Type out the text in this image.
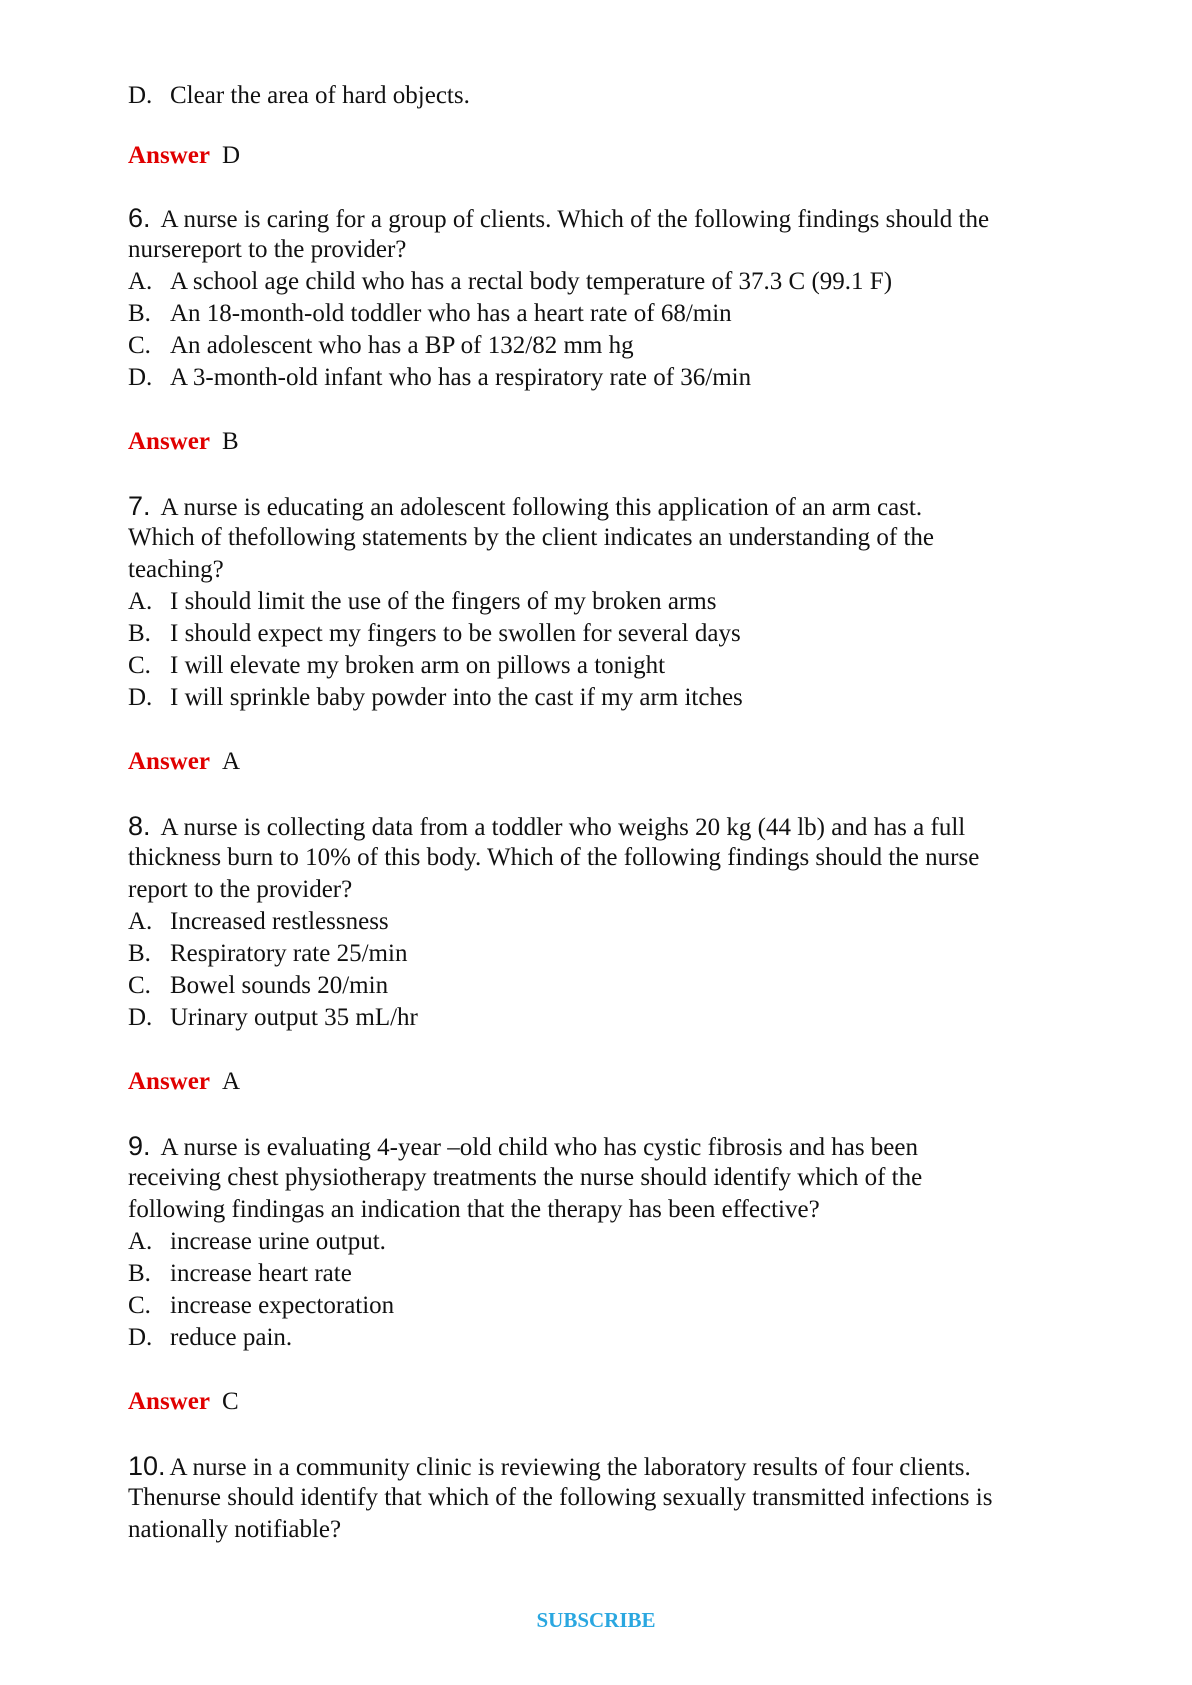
D. Clear the area of hard objects.
Answer D
6. A nurse is caring for a group of clients. Which of the following findings should the
nursereport to the provider?
A. A school age child who has a rectal body temperature of 37.3 C (99.1 F)
B. An 18-month-old toddler who has a heart rate of 68/min
C. An adolescent who has a BP of 132/82 mm hg
D. A 3-month-old infant who has a respiratory rate of 36/min
Answer B
7. A nurse is educating an adolescent following this application of an arm cast.
Which of thefollowing statements by the client indicates an understanding of the
teaching?
A. I should limit the use of the fingers of my broken arms
B. I should expect my fingers to be swollen for several days
C. I will elevate my broken arm on pillows a tonight
D. I will sprinkle baby powder into the cast if my arm itches
Answer A
8. A nurse is collecting data from a toddler who weighs 20 kg (44 lb) and has a full
thickness burn to 10% of this body. Which of the following findings should the nurse
report to the provider?
A. Increased restlessness
B. Respiratory rate 25/min
C. Bowel sounds 20/min
D. Urinary output 35 mL/hr
Answer A
9. A nurse is evaluating 4-year –old child who has cystic fibrosis and has been
receiving chest physiotherapy treatments the nurse should identify which of the
following findingas an indication that the therapy has been effective?
A. increase urine output.
B. increase heart rate
C. increase expectoration
D. reduce pain.
Answer C
10. A nurse in a community clinic is reviewing the laboratory results of four clients.
Thenurse should identify that which of the following sexually transmitted infections is
nationally notifiable?
SUBSCRIBE
